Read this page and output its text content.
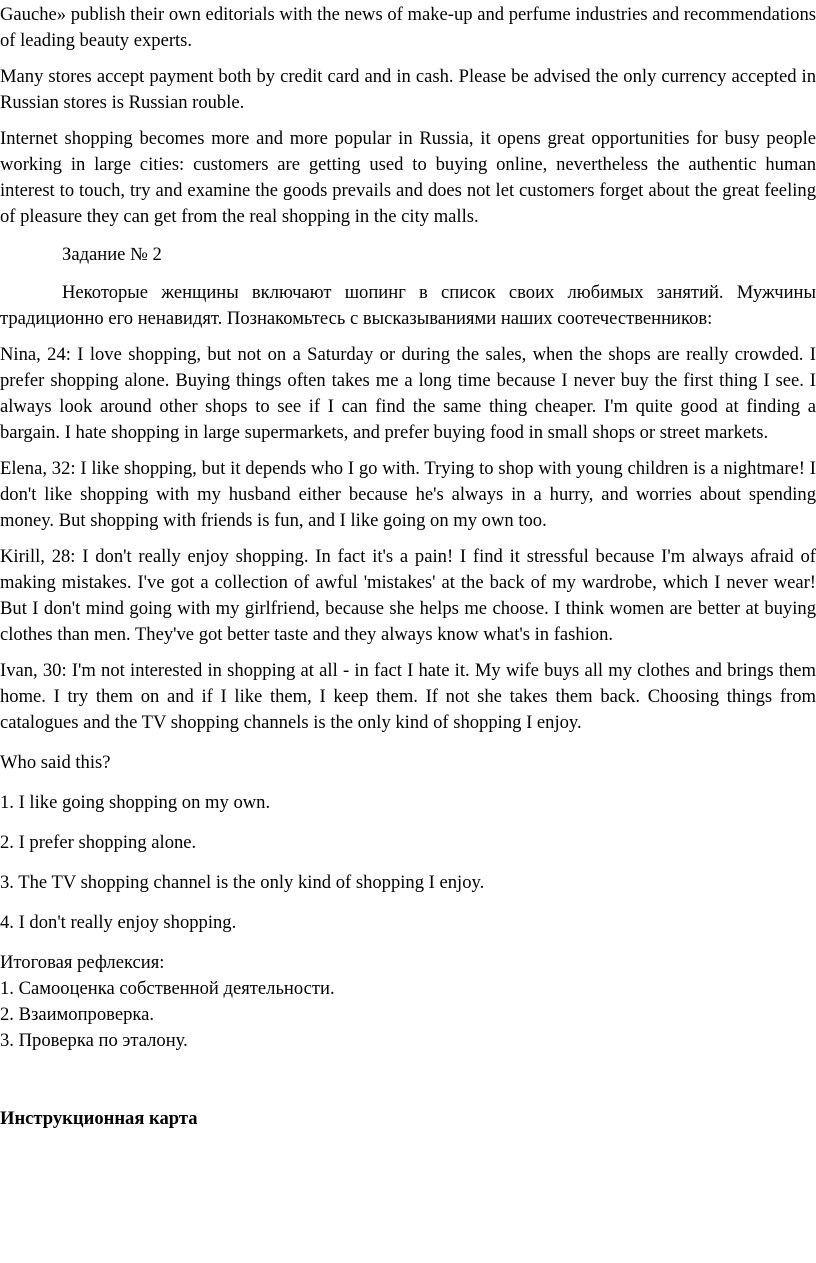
Gauche» publish their own editorials with the news of make-up and perfume industries and recommendations of leading beauty experts.

Many stores accept payment both by credit card and in cash. Please be advised the only currency accepted in Russian stores is Russian rouble.

Internet shopping becomes more and more popular in Russia, it opens great opportunities for busy people working in large cities: customers are getting used to buying online, nevertheless the authentic human interest to touch, try and examine the goods prevails and does not let customers forget about the great feeling of pleasure they can get from the real shopping in the city malls.

Задание № 2

Некоторые женщины включают шопинг в список своих любимых занятий. Мужчины традиционно его ненавидят. Познакомьтесь с высказываниями наших соотечественников:

Nina, 24: I love shopping, but not on a Saturday or during the sales, when the shops are really crowded. I prefer shopping alone. Buying things often takes me a long time because I never buy the first thing I see. I always look around other shops to see if I can find the same thing cheaper. I'm quite good at finding a bargain. I hate shopping in large supermarkets, and prefer buying food in small shops or street markets.

Elena, 32: I like shopping, but it depends who I go with. Trying to shop with young children is a nightmare! I don't like shopping with my husband either because he's always in a hurry, and worries about spending money. But shopping with friends is fun, and I like going on my own too.

Kirill, 28: I don't really enjoy shopping. In fact it's a pain! I find it stressful because I'm always afraid of making mistakes. I've got a collection of awful 'mistakes' at the back of my wardrobe, which I never wear! But I don't mind going with my girlfriend, because she helps me choose. I think women are better at buying clothes than men. They've got better taste and they always know what's in fashion.

Ivan, 30: I'm not interested in shopping at all - in fact I hate it. My wife buys all my clothes and brings them home. I try them on and if I like them, I keep them. If not she takes them back. Choosing things from catalogues and the TV shopping channels is the only kind of shopping I enjoy.

Who said this?

1. I like going shopping on my own.

2. I prefer shopping alone.

3. The TV shopping channel is the only kind of shopping I enjoy.

4. I don't really enjoy shopping.

Итоговая рефлексия:

1. Самооценка собственной деятельности.

2. Взаимопроверка.

3. Проверка по эталону.

Инструкционная карта
